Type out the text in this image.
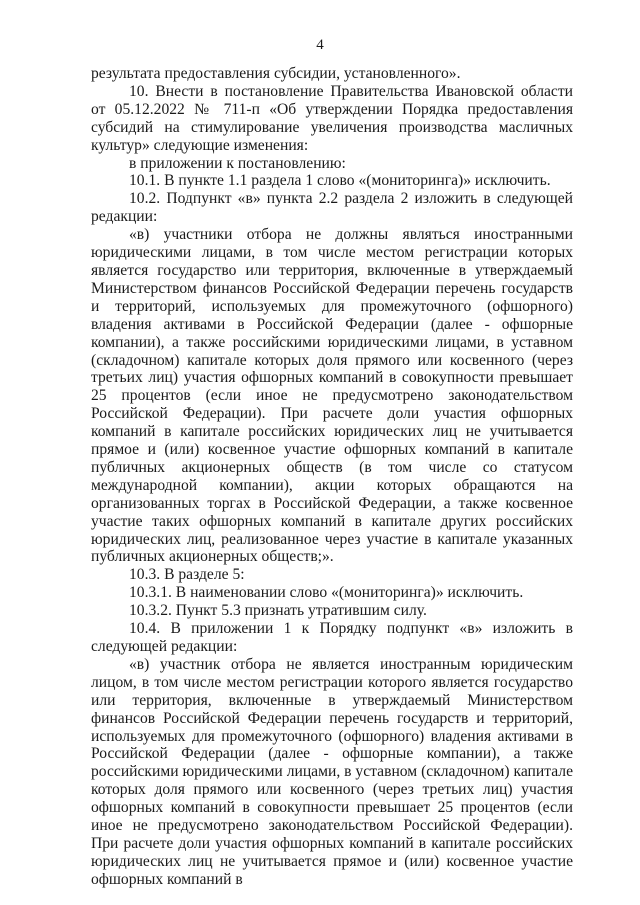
4

результата предоставления субсидии, установленного».

10. Внести в постановление Правительства Ивановской области от 05.12.2022 № 711-п «Об утверждении Порядка предоставления субсидий на стимулирование увеличения производства масличных культур» следующие изменения:

в приложении к постановлению:

10.1. В пункте 1.1 раздела 1 слово «(мониторинга)» исключить.

10.2. Подпункт «в» пункта 2.2 раздела 2 изложить в следующей редакции:

«в) участники отбора не должны являться иностранными юридическими лицами, в том числе местом регистрации которых является государство или территория, включенные в утверждаемый Министерством финансов Российской Федерации перечень государств и территорий, используемых для промежуточного (офшорного) владения активами в Российской Федерации (далее - офшорные компании), а также российскими юридическими лицами, в уставном (складочном) капитале которых доля прямого или косвенного (через третьих лиц) участия офшорных компаний в совокупности превышает 25 процентов (если иное не предусмотрено законодательством Российской Федерации). При расчете доли участия офшорных компаний в капитале российских юридических лиц не учитывается прямое и (или) косвенное участие офшорных компаний в капитале публичных акционерных обществ (в том числе со статусом международной компании), акции которых обращаются на организованных торгах в Российской Федерации, а также косвенное участие таких офшорных компаний в капитале других российских юридических лиц, реализованное через участие в капитале указанных публичных акционерных обществ;».

10.3. В разделе 5:

10.3.1. В наименовании слово «(мониторинга)» исключить.

10.3.2. Пункт 5.3 признать утратившим силу.

10.4. В приложении 1 к Порядку подпункт «в» изложить в следующей редакции:

«в) участник отбора не является иностранным юридическим лицом, в том числе местом регистрации которого является государство или территория, включенные в утверждаемый Министерством финансов Российской Федерации перечень государств и территорий, используемых для промежуточного (офшорного) владения активами в Российской Федерации (далее - офшорные компании), а также российскими юридическими лицами, в уставном (складочном) капитале которых доля прямого или косвенного (через третьих лиц) участия офшорных компаний в совокупности превышает 25 процентов (если иное не предусмотрено законодательством Российской Федерации). При расчете доли участия офшорных компаний в капитале российских юридических лиц не учитывается прямое и (или) косвенное участие офшорных компаний в
